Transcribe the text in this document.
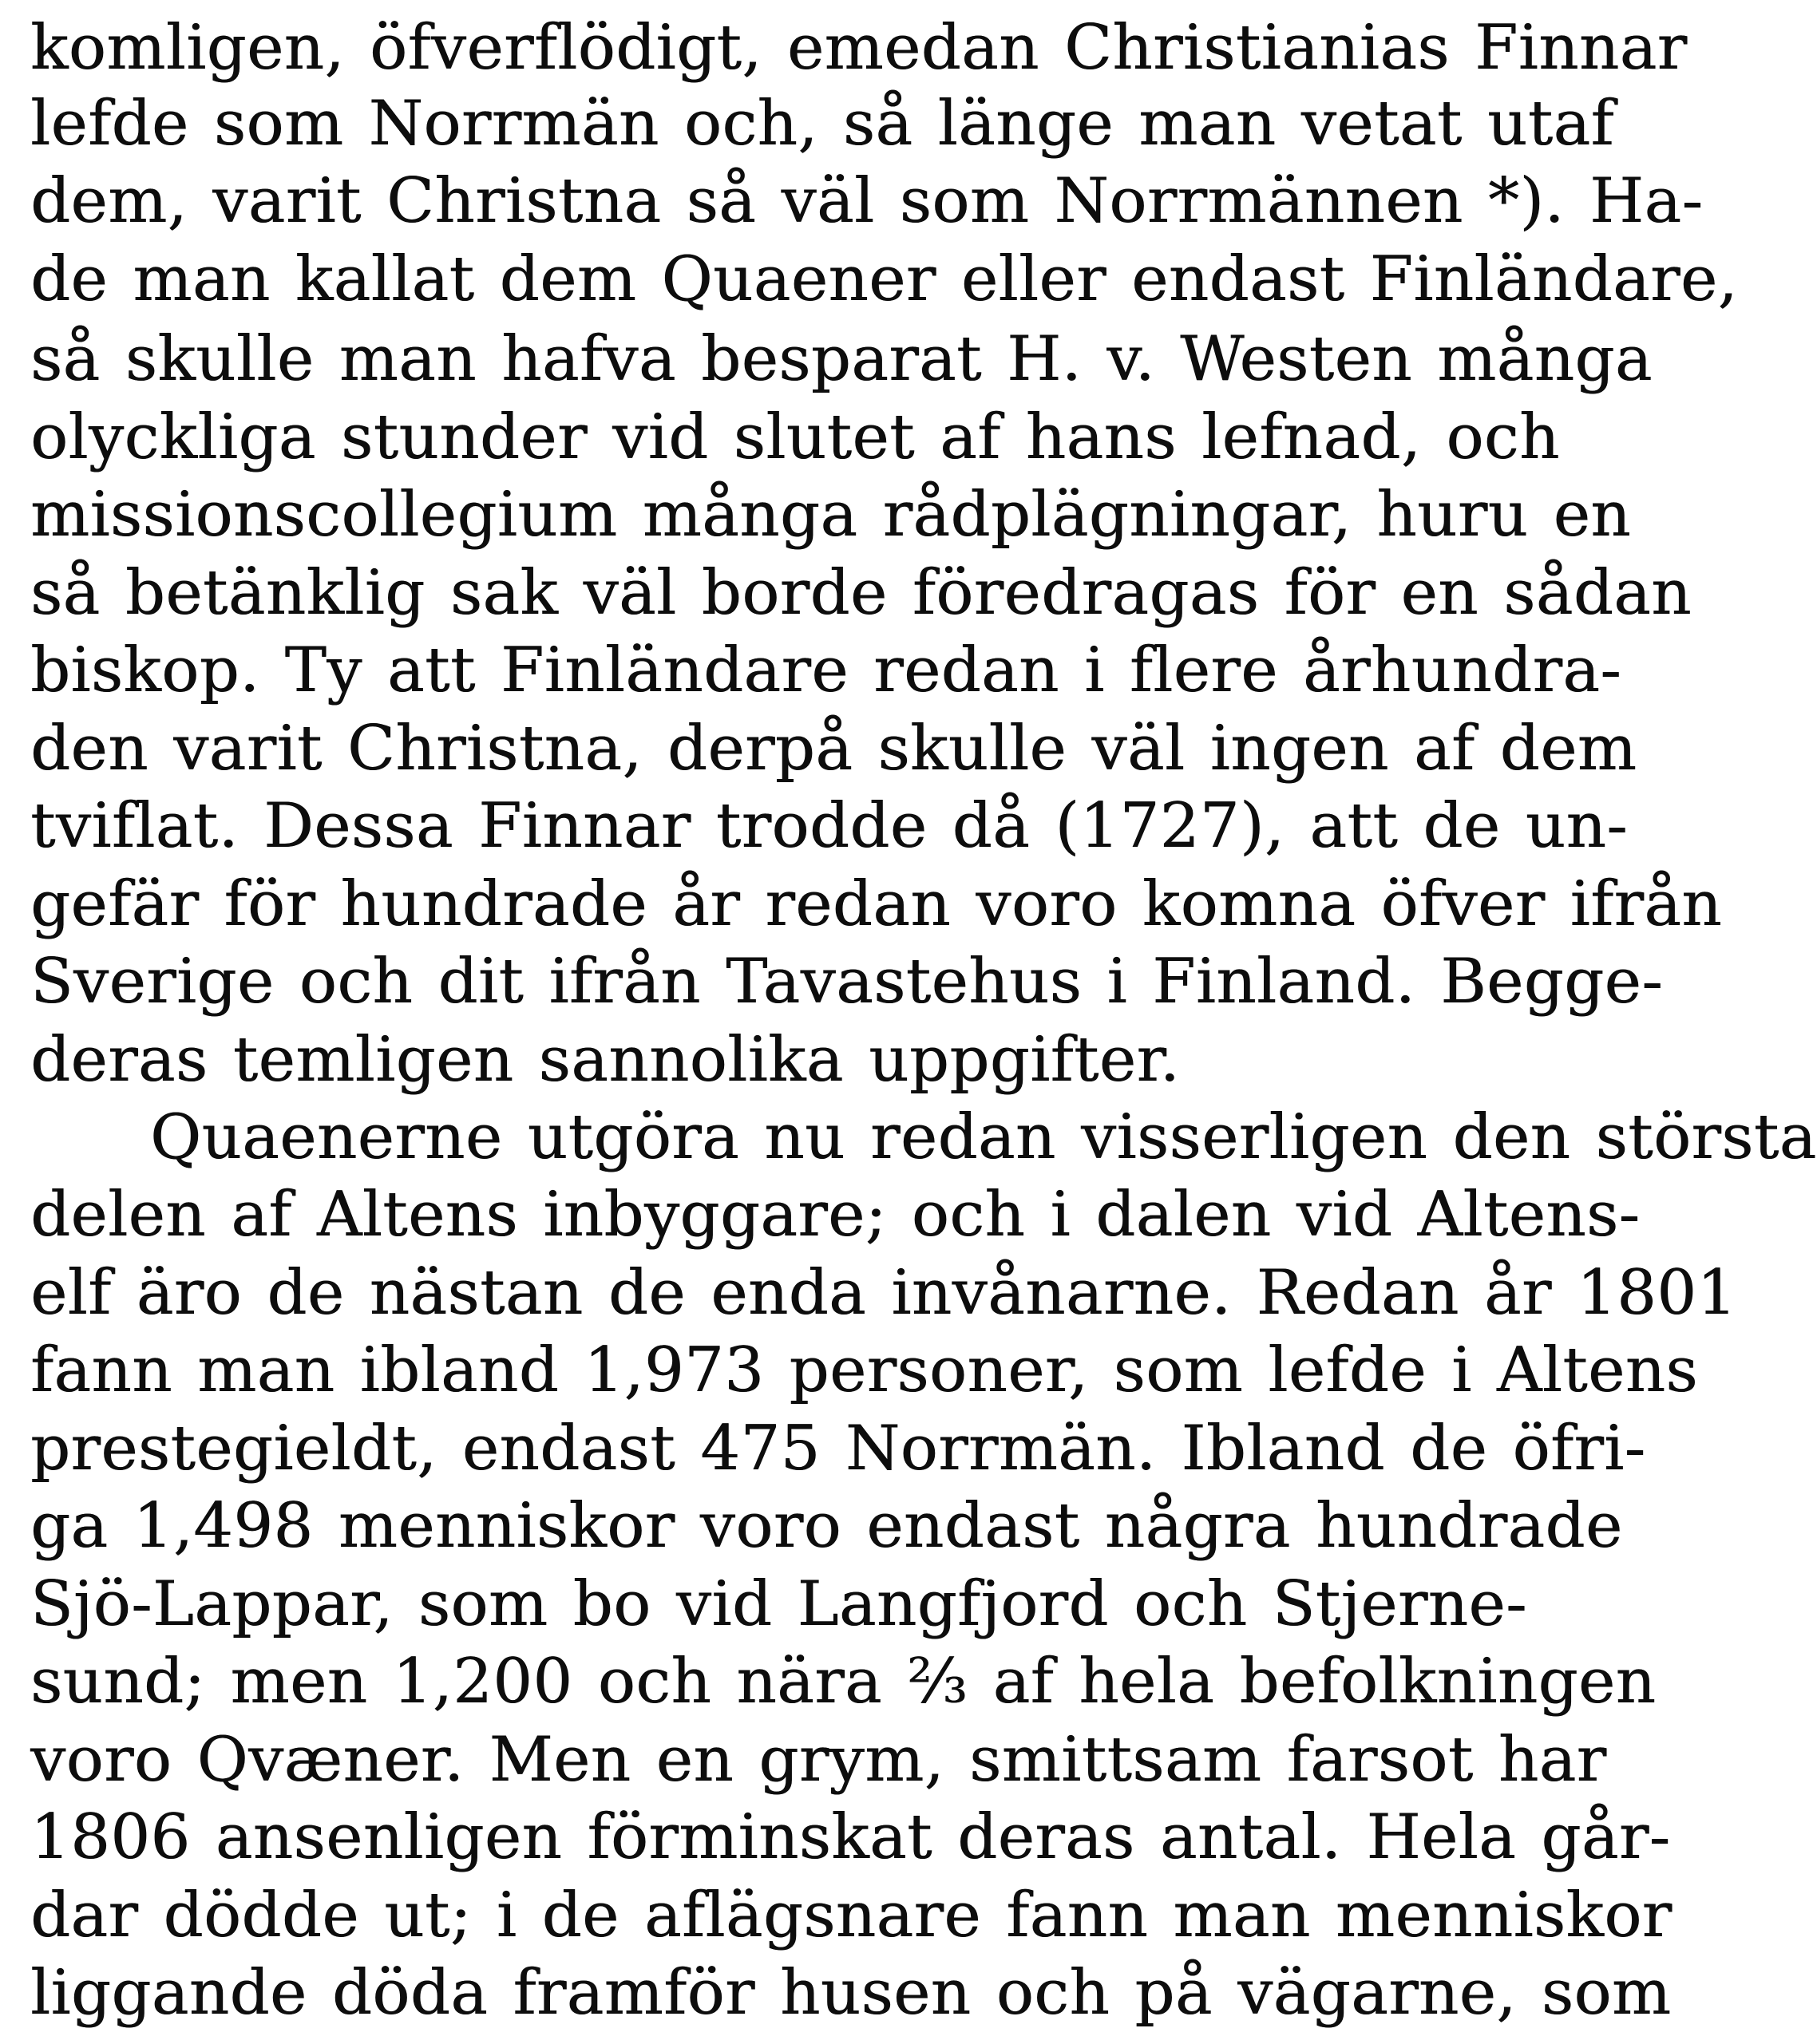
komligen, öfverflödigt, emedan Christianias Finnar
lefde som Norrmän och, så länge man vetat utaf
dem, varit Christna så väl som Norrmännen *). Ha-
de man kallat dem Quaener eller endast Finländare,
så skulle man hafva besparat H. v. Westen många
olyckliga stunder vid slutet af hans lefnad, och
missionscollegium många rådplägningar, huru en
så betänklig sak väl borde föredragas för en sådan
biskop. Ty att Finländare redan i flere århundra-
den varit Christna, derpå skulle väl ingen af dem
tviflat. Dessa Finnar trodde då (1727), att de un-
gefär för hundrade år redan voro komna öfver ifrån
Sverige och dit ifrån Tavastehus i Finland. Begge-
deras temligen sannolika uppgifter.
Quaenerne utgöra nu redan visserligen den största
delen af Altens inbyggare; och i dalen vid Altens-
elf äro de nästan de enda invånarne. Redan år 1801
fann man ibland 1,973 personer, som lefde i Altens
prestegieldt, endast 475 Norrmän. Ibland de öfri-
ga 1,498 menniskor voro endast några hundrade
Sjö-Lappar, som bo vid Langfjord och Stjerne-
sund; men 1,200 och nära ⅔ af hela befolkningen
voro Qvæner. Men en grym, smittsam farsot har
1806 ansenligen förminskat deras antal. Hela går-
dar dödde ut; i de aflägsnare fann man menniskor
liggande döda framför husen och på vägarne, som
